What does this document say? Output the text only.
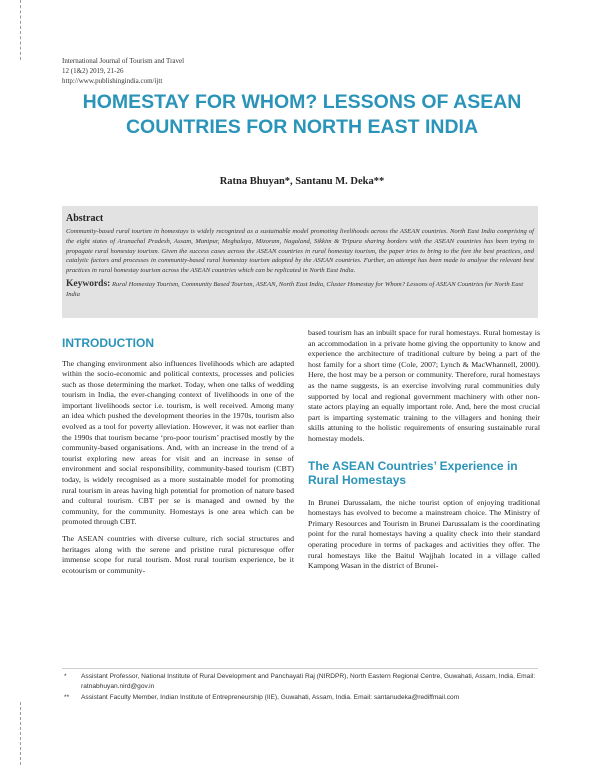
International Journal of Tourism and Travel
12 (1&2) 2019, 21-26
http://www.publishingindia.com/ijtt
HOMESTAY FOR WHOM? LESSONS OF ASEAN COUNTRIES FOR NORTH EAST INDIA
Ratna Bhuyan*, Santanu M. Deka**
Abstract
Community-based rural tourism in homestays is widely recognized as a sustainable model promoting livelihoods across the ASEAN countries. North East India comprising of the eight states of Arunachal Pradesh, Assam, Manipur, Meghalaya, Mizoram, Nagaland, Sikkim & Tripura sharing borders with the ASEAN countries has been trying to propagate rural homestay tourism. Given the success cases across the ASEAN countries in rural homestay tourism, the paper tries to bring to the fore the best practices, and catalytic factors and processes in community-based rural homestay tourism adopted by the ASEAN countries. Further, an attempt has been made to analyse the relevant best practices in rural homestay tourism across the ASEAN countries which can be replicated in North East India.
Keywords: Rural Homestay Tourism, Community Based Tourism, ASEAN, North East India, Cluster Homestay for Whom? Lessons of ASEAN Countries for North East India
INTRODUCTION

The changing environment also influences livelihoods which are adapted within the socio-economic and political contexts, processes and policies such as those determining the market. Today, when one talks of wedding tourism in India, the ever-changing context of livelihoods in one of the important livelihoods sector i.e. tourism, is well received. Among many an idea which pushed the development theories in the 1970s, tourism also evolved as a tool for poverty alleviation. However, it was not earlier than the 1990s that tourism became ‘pro-poor tourism’ practised mostly by the community-based organisations. And, with an increase in the trend of a tourist exploring new areas for visit and an increase in sense of environment and social responsibility, community-based tourism (CBT) today, is widely recognised as a more sustainable model for promoting rural tourism in areas having high potential for promotion of nature based and cultural tourism. CBT per se is managed and owned by the community, for the community. Homestays is one area which can be promoted through CBT.

The ASEAN countries with diverse culture, rich social structures and heritages along with the serene and pristine rural picturesque offer immense scope for rural tourism. Most rural tourism experience, be it ecotourism or community-

based tourism has an inbuilt space for rural homestays. Rural homestay is an accommodation in a private home giving the opportunity to know and experience the architecture of traditional culture by being a part of the host family for a short time (Cole, 2007; Lynch & MacWhannell, 2000). Here, the host may be a person or community. Therefore, rural homestays as the name suggests, is an exercise involving rural communities duly supported by local and regional government machinery with other non-state actors playing an equally important role. And, here the most crucial part is imparting systematic training to the villagers and honing their skills attuning to the holistic requirements of ensuring sustainable rural homestay models.

The ASEAN Countries’ Experience in Rural Homestays

In Brunei Darussalam, the niche tourist option of enjoying traditional homestays has evolved to become a mainstream choice. The Ministry of Primary Resources and Tourism in Brunei Darussalam is the coordinating point for the rural homestays having a quality check into their standard operating procedure in terms of packages and activities they offer. The rural homestays like the Baitul Wajjhah located in a village called Kampong Wasan in the district of Brunei-

*	Assistant Professor, National Institute of Rural Development and Panchayati Raj (NIRDPR), North Eastern Regional Centre, Guwahati, Assam, India. Email: ratnabhuyan.nird@gov.in
**	Assistant Faculty Member, Indian Institute of Entrepreneurship (IIE), Guwahati, Assam, India. Email: santanudeka@rediffmail.com
